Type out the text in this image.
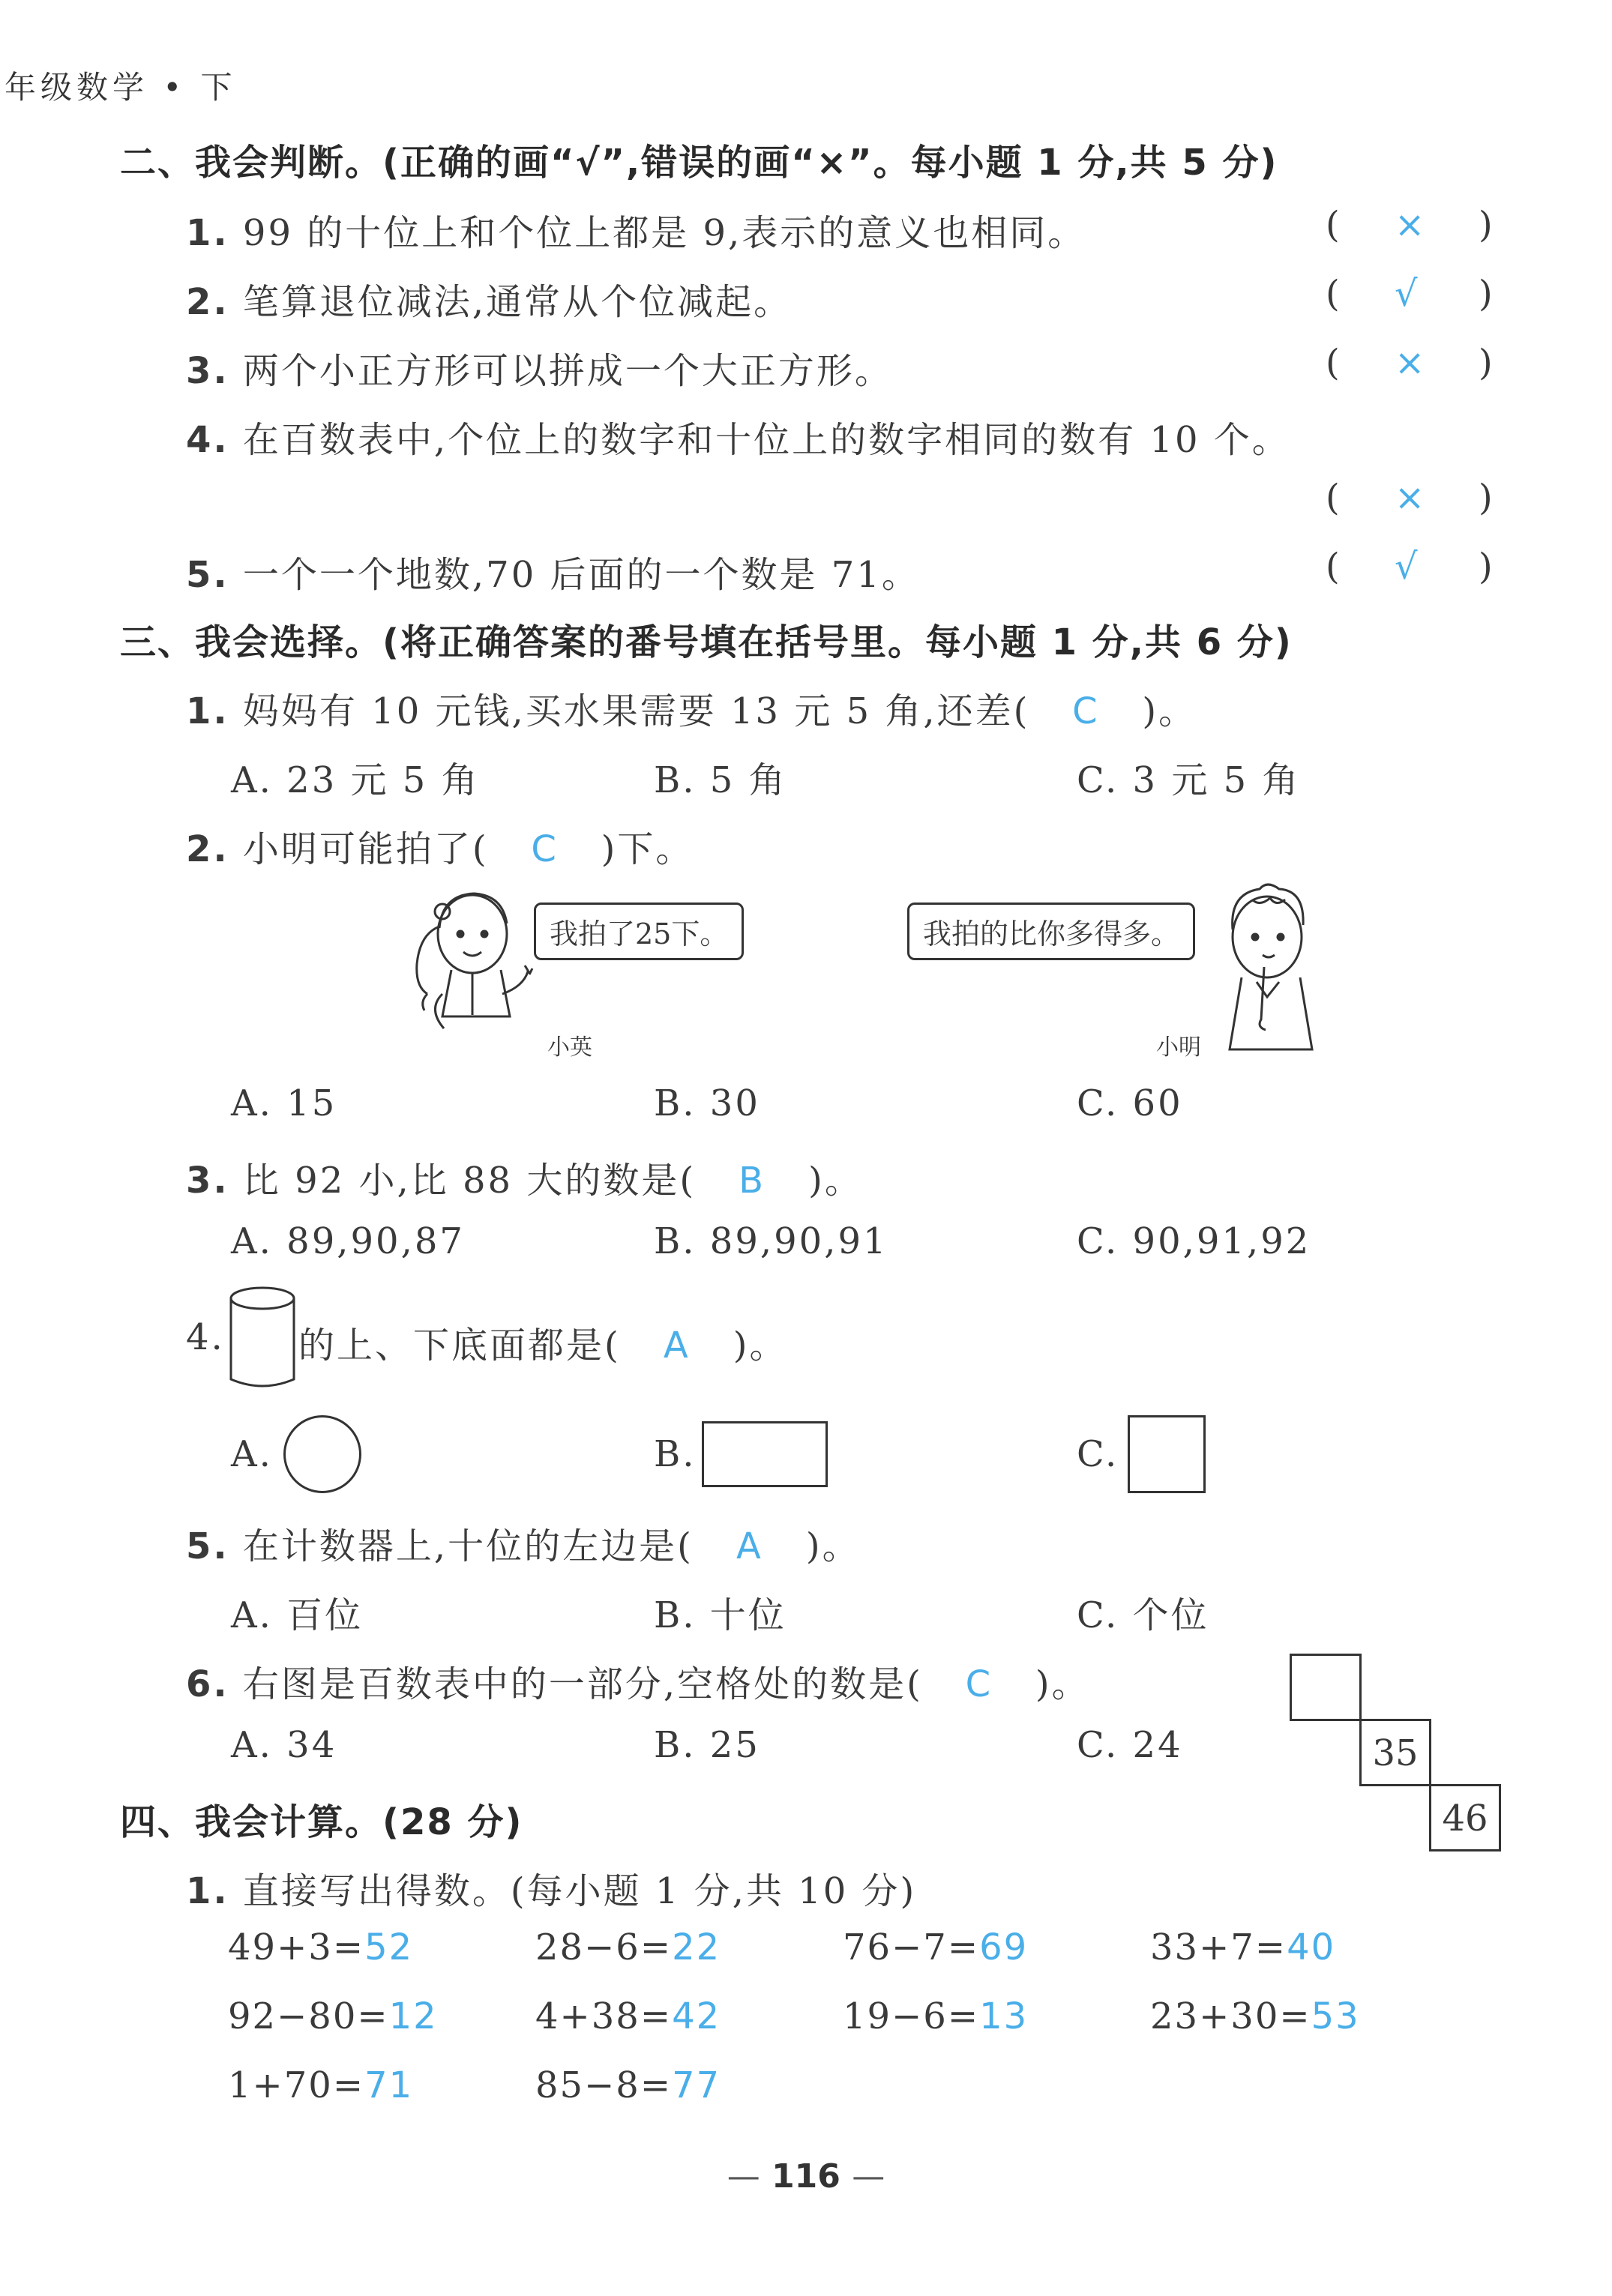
年级数学 • 下
二、我会判断。(正确的画“√”,错误的画“×”。每小题 1 分,共 5 分)
1. 99 的十位上和个位上都是 9,表示的意义也相同。	( × )
2. 笔算退位减法,通常从个位减起。	( √ )
3. 两个小正方形可以拼成一个大正方形。	( × )
4. 在百数表中,个位上的数字和十位上的数字相同的数有 10 个。
( × )
5. 一个一个地数,70 后面的一个数是 71。	( √ )
三、我会选择。(将正确答案的番号填在括号里。每小题 1 分,共 6 分)
1. 妈妈有 10 元钱,买水果需要 13 元 5 角,还差( C )。
A. 23 元 5 角	B. 5 角	C. 3 元 5 角
2. 小明可能拍了( C )下。
我拍了25下。
小英
我拍的比你多得多。
小明
A. 15	B. 30	C. 60
3. 比 92 小,比 88 大的数是( B )。
A. 89,90,87	B. 89,90,91	C. 90,91,92
4. 的上、下底面都是( A )。
A.	B.	C.
5. 在计数器上,十位的左边是( A )。
A. 百位	B. 十位	C. 个位
6. 右图是百数表中的一部分,空格处的数是( C )。
A. 34	B. 25	C. 24	35
46
四、我会计算。(28 分)
1. 直接写出得数。(每小题 1 分,共 10 分)
49+3=52	28−6=22	76−7=69	33+7=40
92−80=12	4+38=42	19−6=13	23+30=53
1+70=71	85−8=77
— 116 —
